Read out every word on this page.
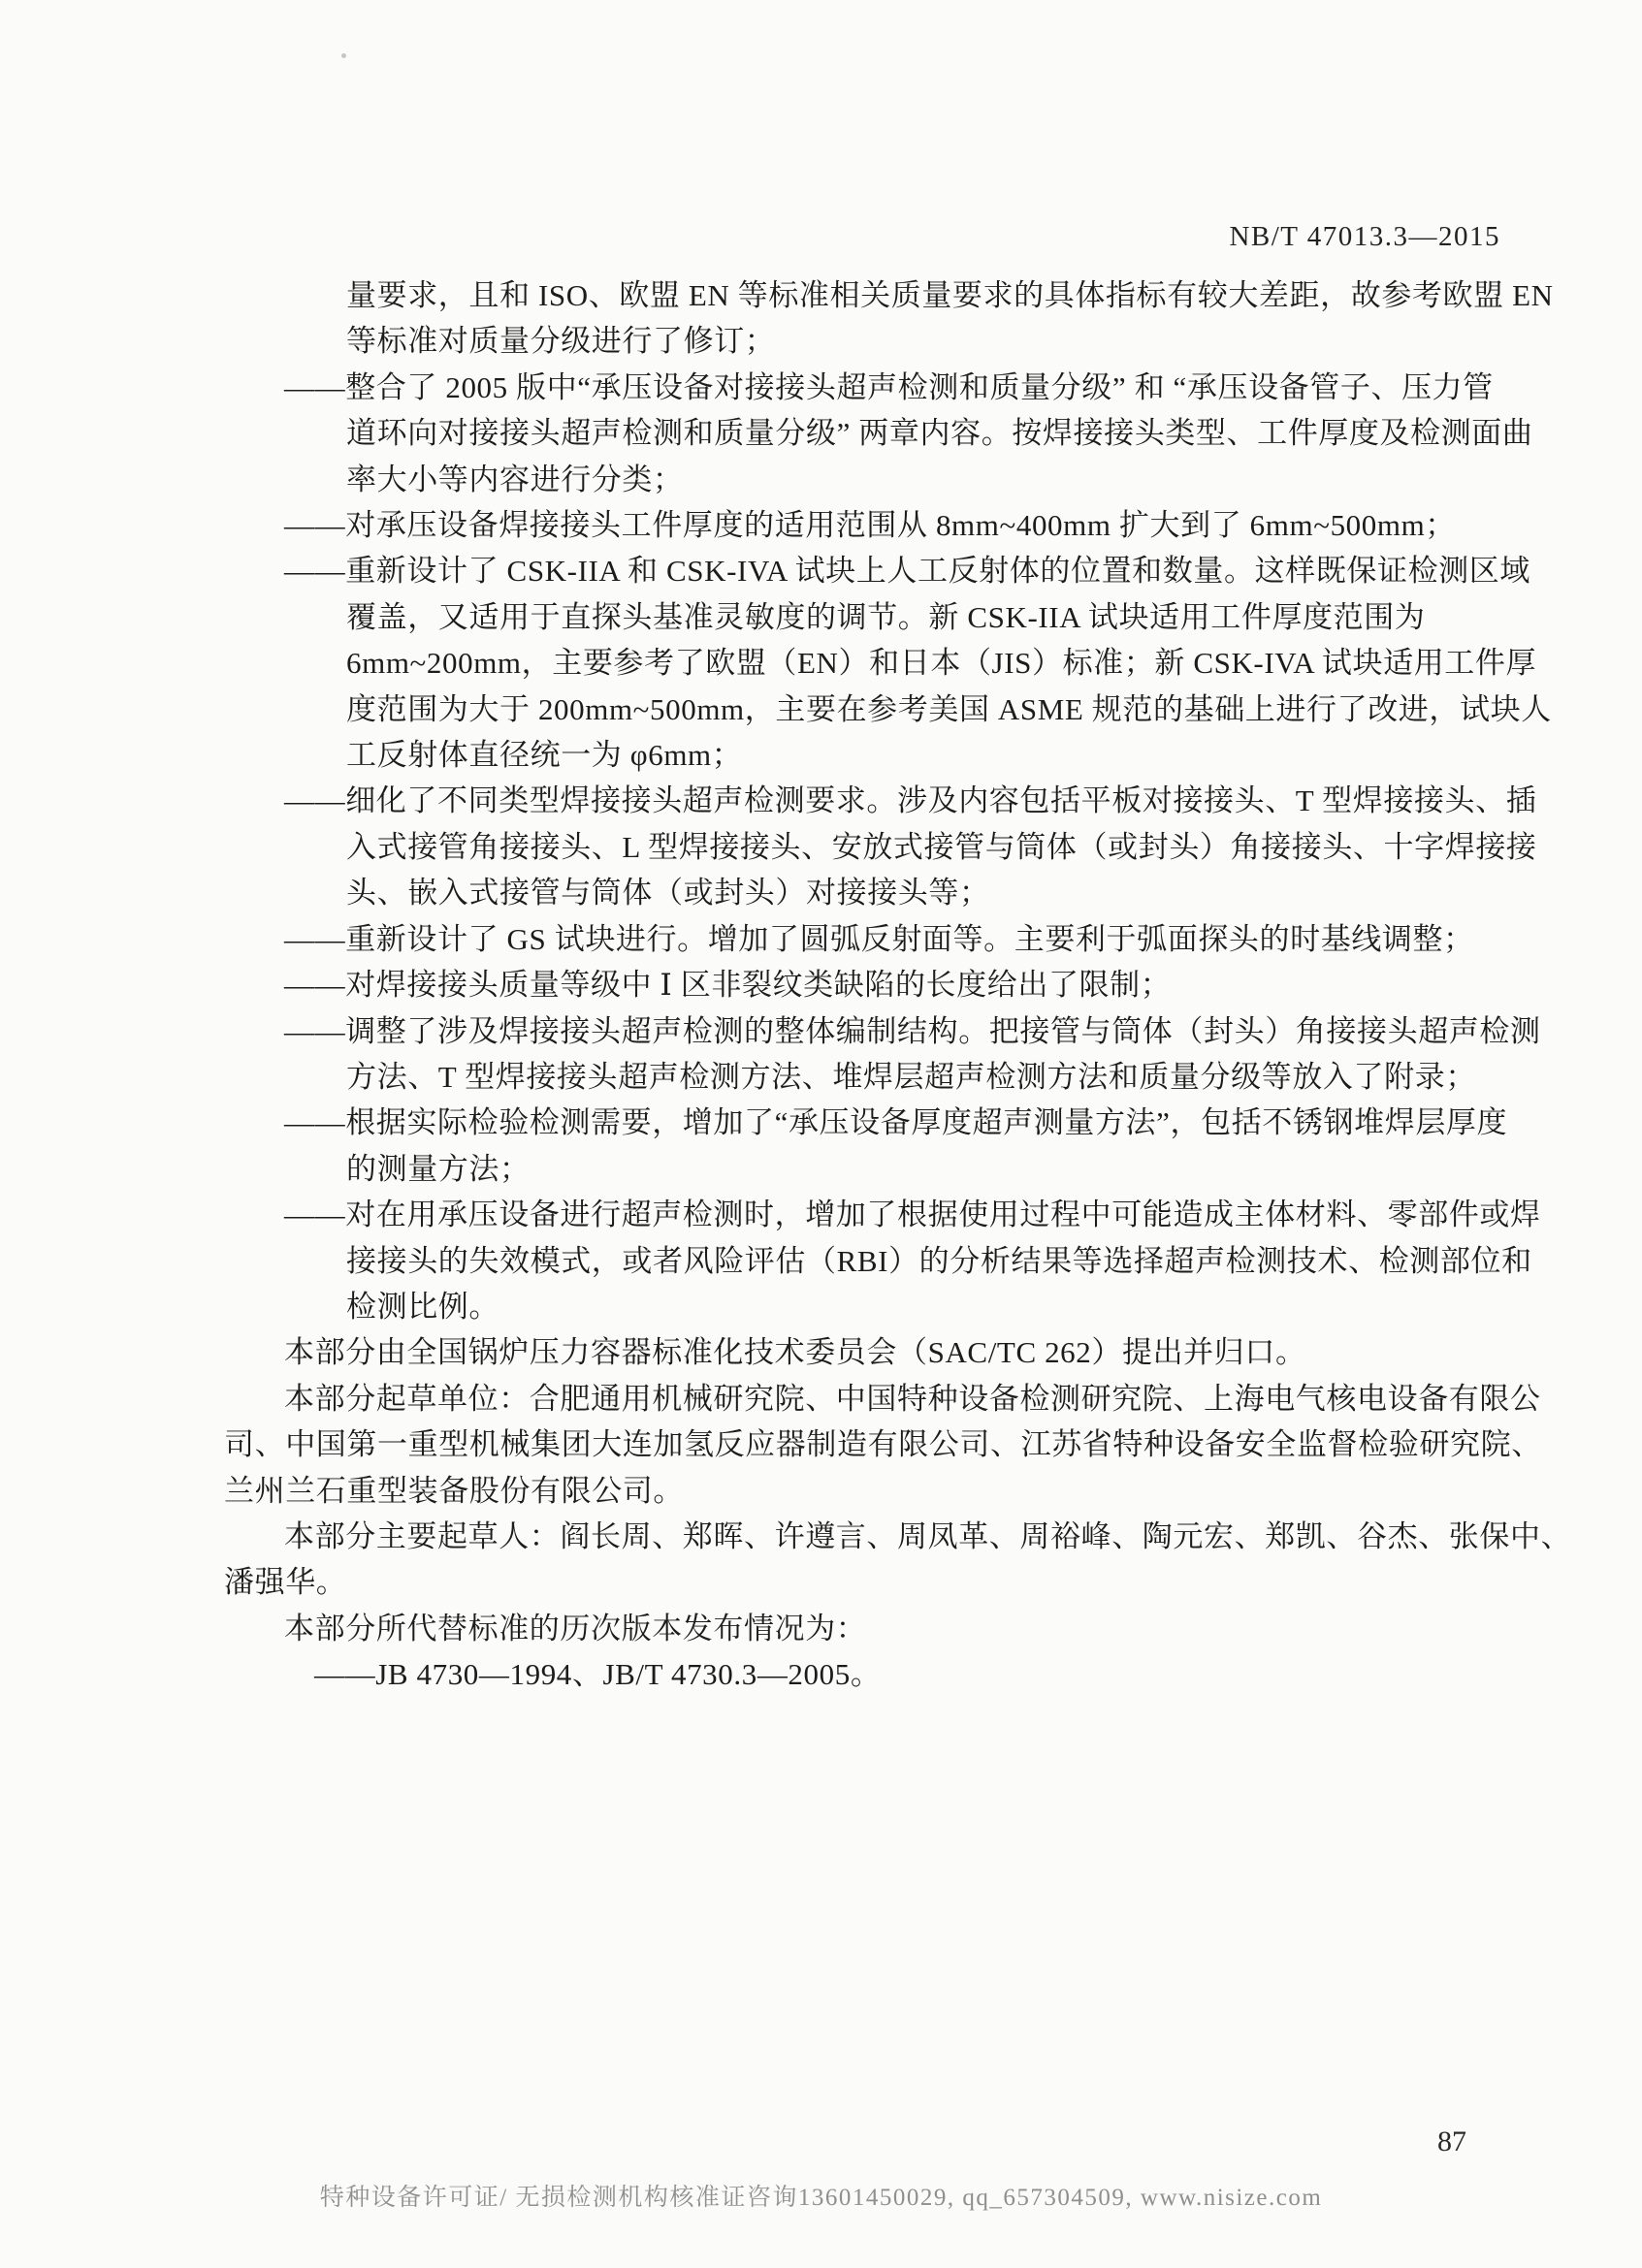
NB/T 47013.3—2015
量要求，且和 ISO、欧盟 EN 等标准相关质量要求的具体指标有较大差距，故参考欧盟 EN
等标准对质量分级进行了修订；
——整合了 2005 版中“承压设备对接接头超声检测和质量分级” 和 “承压设备管子、压力管
道环向对接接头超声检测和质量分级” 两章内容。按焊接接头类型、工件厚度及检测面曲
率大小等内容进行分类；
——对承压设备焊接接头工件厚度的适用范围从 8mm~400mm 扩大到了 6mm~500mm；
——重新设计了 CSK-IIA 和 CSK-IVA 试块上人工反射体的位置和数量。这样既保证检测区域
覆盖，又适用于直探头基准灵敏度的调节。新 CSK-IIA 试块适用工件厚度范围为
6mm~200mm，主要参考了欧盟（EN）和日本（JIS）标准；新 CSK-IVA 试块适用工件厚
度范围为大于 200mm~500mm，主要在参考美国 ASME 规范的基础上进行了改进，试块人
工反射体直径统一为 φ6mm；
——细化了不同类型焊接接头超声检测要求。涉及内容包括平板对接接头、T 型焊接接头、插
入式接管角接接头、L 型焊接接头、安放式接管与筒体（或封头）角接接头、十字焊接接
头、嵌入式接管与筒体（或封头）对接接头等；
——重新设计了 GS 试块进行。增加了圆弧反射面等。主要利于弧面探头的时基线调整；
——对焊接接头质量等级中 Ⅰ 区非裂纹类缺陷的长度给出了限制；
——调整了涉及焊接接头超声检测的整体编制结构。把接管与筒体（封头）角接接头超声检测
方法、T 型焊接接头超声检测方法、堆焊层超声检测方法和质量分级等放入了附录；
——根据实际检验检测需要，增加了“承压设备厚度超声测量方法”，包括不锈钢堆焊层厚度
的测量方法；
——对在用承压设备进行超声检测时，增加了根据使用过程中可能造成主体材料、零部件或焊
接接头的失效模式，或者风险评估（RBI）的分析结果等选择超声检测技术、检测部位和
检测比例。
本部分由全国锅炉压力容器标准化技术委员会（SAC/TC 262）提出并归口。
本部分起草单位：合肥通用机械研究院、中国特种设备检测研究院、上海电气核电设备有限公
司、中国第一重型机械集团大连加氢反应器制造有限公司、江苏省特种设备安全监督检验研究院、
兰州兰石重型装备股份有限公司。
本部分主要起草人：阎长周、郑晖、许遵言、周凤革、周裕峰、陶元宏、郑凯、谷杰、张保中、
潘强华。
本部分所代替标准的历次版本发布情况为：
——JB 4730—1994、JB/T 4730.3—2005。
87
特种设备许可证/ 无损检测机构核准证咨询13601450029, qq_657304509, www.nisize.com
